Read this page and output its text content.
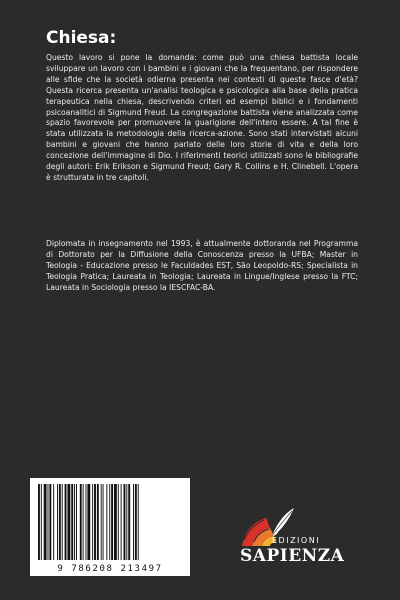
Chiesa:

Questo lavoro si pone la domanda: come può una chiesa battista locale sviluppare un lavoro con i bambini e i giovani che la frequentano, per rispondere alle sfide che la società odierna presenta nei contesti di queste fasce d'età? Questa ricerca presenta un'analisi teologica e psicologica alla base della pratica terapeutica nella chiesa, descrivendo criteri ed esempi biblici e i fondamenti psicoanalitici di Sigmund Freud. La congregazione battista viene analizzata come spazio favorevole per promuovere la guarigione dell'intero essere. A tal fine è stata utilizzata la metodologia della ricerca-azione. Sono stati intervistati alcuni bambini e giovani che hanno parlato delle loro storie di vita e della loro concezione dell'immagine di Dio. I riferimenti teorici utilizzati sono le bibliografie degli autori: Erik Erikson e Sigmund Freud; Gary R. Collins e H. Clinebell. L'opera è strutturata in tre capitoli.

Diplomata in insegnamento nel 1993, è attualmente dottoranda nel Programma di Dottorato per la Diffusione della Conoscenza presso la UFBA; Master in Teologia - Educazione presso le Faculdades EST, São Leopoldo-RS; Specialista in Teologia Pratica; Laureata in Teologia; Laureata in Lingue/Inglese presso la FTC; Laureata in Sociologia presso la IESCFAC-BA.

9 786208 213497
EDIZIONI
SAPIENZA
